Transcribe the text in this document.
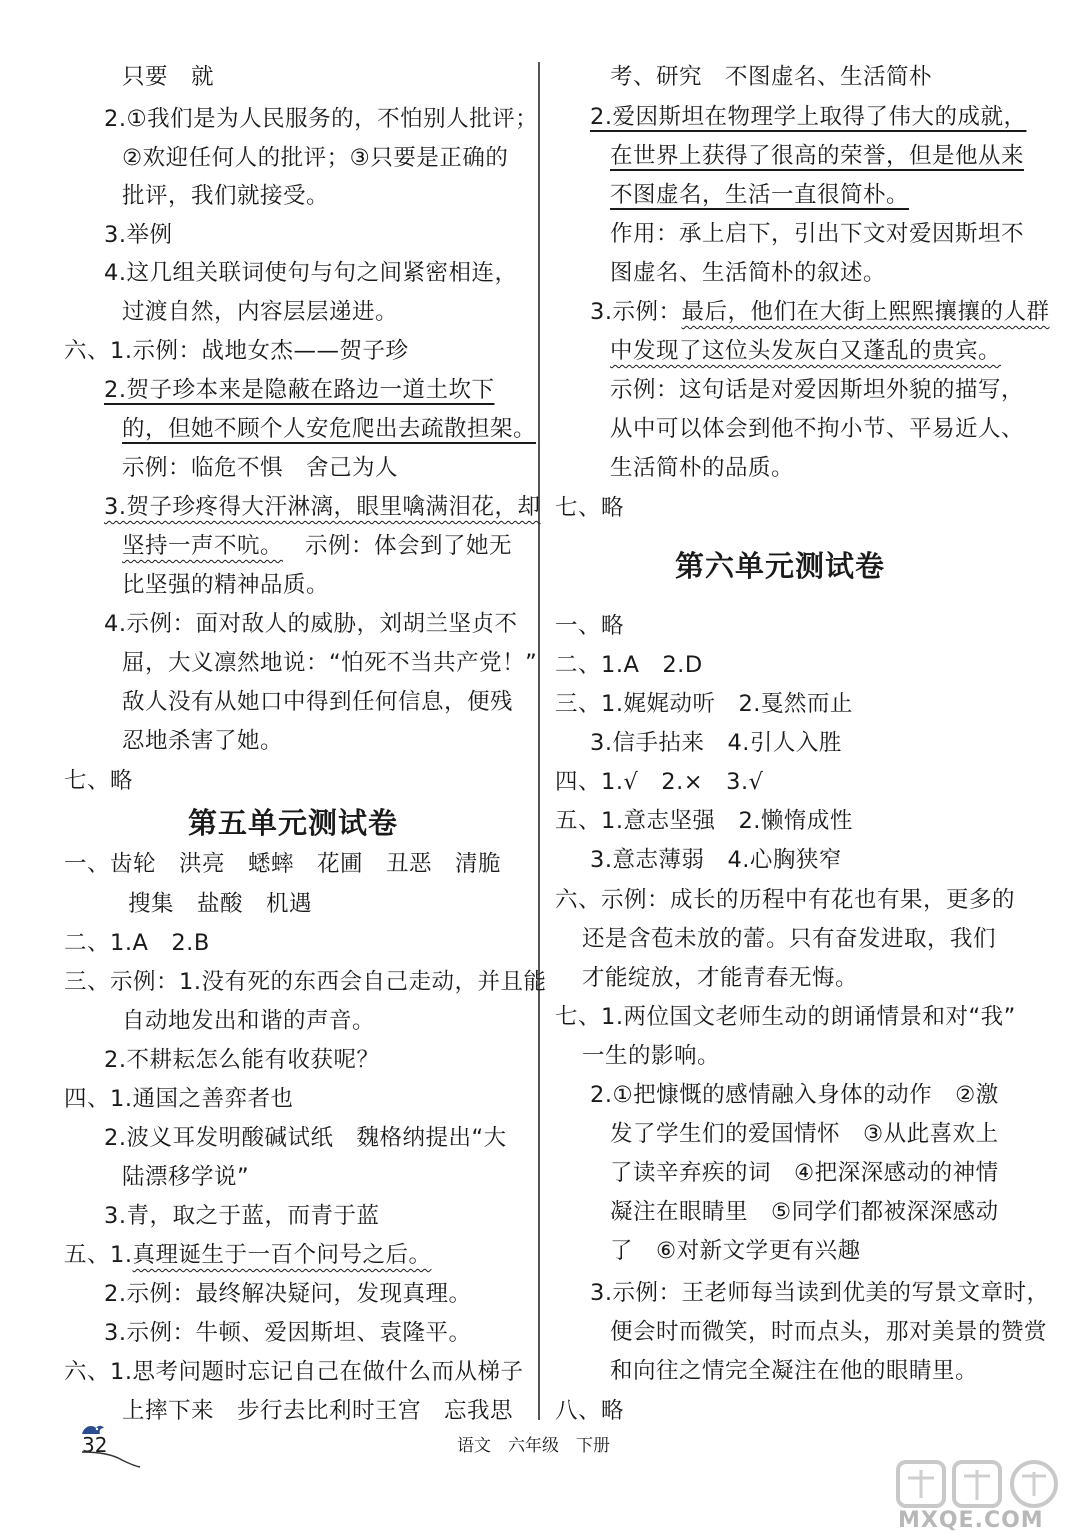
只要　就
2.①我们是为人民服务的，不怕别人批评；
②欢迎任何人的批评；③只要是正确的
批评，我们就接受。
3.举例
4.这几组关联词使句与句之间紧密相连，
过渡自然，内容层层递进。
六、1.示例：战地女杰——贺子珍
2.贺子珍本来是隐蔽在路边一道土坎下
的，但她不顾个人安危爬出去疏散担架。
示例：临危不惧　舍己为人
3.贺子珍疼得大汗淋漓，眼里噙满泪花，却
坚持一声不吭。 示例：体会到了她无
比坚强的精神品质。
4.示例：面对敌人的威胁，刘胡兰坚贞不
屈，大义凛然地说：“怕死不当共产党！”
敌人没有从她口中得到任何信息，便残
忍地杀害了她。
七、略
第五单元测试卷
一、齿轮　洪亮　蟋蟀　花圃　丑恶　清脆
搜集　盐酸　机遇
二、1.A　2.B
三、示例：1.没有死的东西会自己走动，并且能
自动地发出和谐的声音。
2.不耕耘怎么能有收获呢？
四、1.通国之善弈者也
2.波义耳发明酸碱试纸　魏格纳提出“大
陆漂移学说”
3.青，取之于蓝，而青于蓝
五、1.真理诞生于一百个问号之后。
2.示例：最终解决疑问，发现真理。
3.示例：牛顿、爱因斯坦、袁隆平。
六、1.思考问题时忘记自己在做什么而从梯子
上摔下来　步行去比利时王宫　忘我思
考、研究　不图虚名、生活简朴
2.爱因斯坦在物理学上取得了伟大的成就，
在世界上获得了很高的荣誉，但是他从来
不图虚名，生活一直很简朴。
作用：承上启下，引出下文对爱因斯坦不
图虚名、生活简朴的叙述。
3.示例：最后，他们在大街上熙熙攘攘的人群
中发现了这位头发灰白又蓬乱的贵宾。
示例：这句话是对爱因斯坦外貌的描写，
从中可以体会到他不拘小节、平易近人、
生活简朴的品质。
七、略
第六单元测试卷
一、略
二、1.A　2.D
三、1.娓娓动听　2.戛然而止
3.信手拈来　4.引人入胜
四、1.√　2.×　3.√
五、1.意志坚强　2.懒惰成性
3.意志薄弱　4.心胸狭窄
六、示例：成长的历程中有花也有果，更多的
还是含苞未放的蕾。只有奋发进取，我们
才能绽放，才能青春无悔。
七、1.两位国文老师生动的朗诵情景和对“我”
一生的影响。
2.①把慷慨的感情融入身体的动作　②激
发了学生们的爱国情怀　③从此喜欢上
了读辛弃疾的词　④把深深感动的神情
凝注在眼睛里　⑤同学们都被深深感动
了　⑥对新文学更有兴趣
3.示例：王老师每当读到优美的写景文章时，
便会时而微笑，时而点头，那对美景的赞赏
和向往之情完全凝注在他的眼睛里。
八、略
32	语文　六年级　下册
MXQE.COM
